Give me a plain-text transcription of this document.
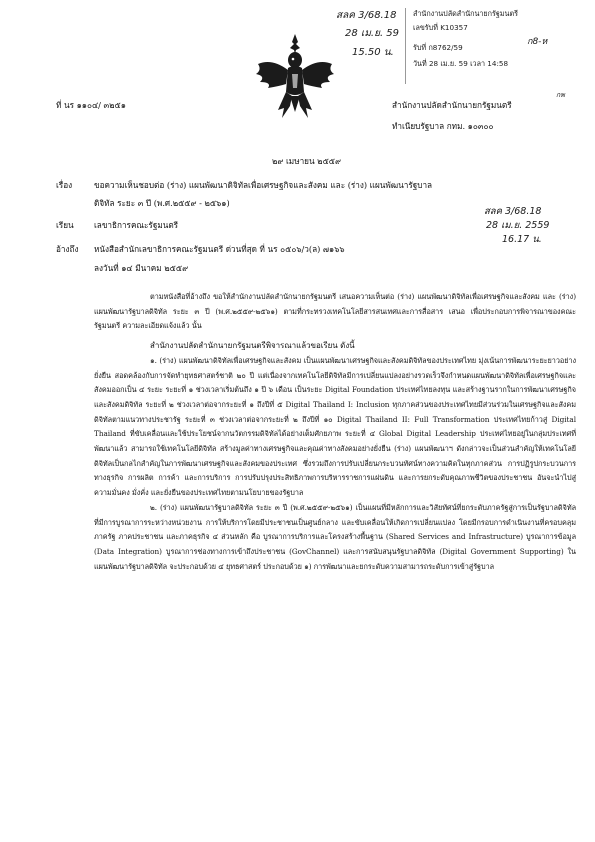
สำนักงานปลัดสำนักนายกรัฐมนตรี
เลขรับที่ K10357
รับที่ ก8762/59
วันที่ 28 เม.ย. 59 เวลา 14:58
สลค 3/68.18
28 เม.ย. 59
15.50 น.
ก8-ห
กพ
ที่ นร ๑๑๐๔/ ๓๒๕๑	สำนักงานปลัดสำนักนายกรัฐมนตรี
ทำเนียบรัฐบาล กทม. ๑๐๓๐๐
๒๙ เมษายน ๒๕๕๙
เรื่อง	ขอความเห็นชอบต่อ (ร่าง) แผนพัฒนาดิจิทัลเพื่อเศรษฐกิจและสังคม และ (ร่าง) แผนพัฒนารัฐบาล
ดิจิทัล ระยะ ๓ ปี (พ.ศ.๒๕๕๙ - ๒๕๖๑)
เรียน เลขาธิการคณะรัฐมนตรี
อ้างถึง หนังสือสำนักเลขาธิการคณะรัฐมนตรี ด่วนที่สุด ที่ นร ๐๕๐๖/ว(ล) ๗๑๖๖
ลงวันที่ ๑๔ มีนาคม ๒๕๕๙
สลค 3/68.18
28 เม.ย. 2559
16.17 น.

ตามหนังสือที่อ้างถึง ขอให้สำนักงานปลัดสำนักนายกรัฐมนตรี เสนอความเห็นต่อ (ร่าง) แผนพัฒนาดิจิทัลเพื่อเศรษฐกิจและสังคม และ (ร่าง) แผนพัฒนารัฐบาลดิจิทัล ระยะ ๓ ปี (พ.ศ.๒๕๕๙-๒๕๖๑) ตามที่กระทรวงเทคโนโลยีสารสนเทศและการสื่อสาร เสนอ เพื่อประกอบการพิจารณาของคณะรัฐมนตรี ความละเอียดแจ้งแล้ว นั้น

สำนักงานปลัดสำนักนายกรัฐมนตรีพิจารณาแล้วขอเรียน ดังนี้

๑. (ร่าง) แผนพัฒนาดิจิทัลเพื่อเศรษฐกิจและสังคม เป็นแผนพัฒนาเศรษฐกิจและสังคมดิจิทัลของประเทศไทย มุ่งเน้นการพัฒนาระยะยาวอย่างยั่งยืน สอดคล้องกับการจัดทำยุทธศาสตร์ชาติ ๒๐ ปี แต่เนื่องจากเทคโนโลยีดิจิทัลมีการเปลี่ยนแปลงอย่างรวดเร็วจึงกำหนดแผนพัฒนาดิจิทัลเพื่อเศรษฐกิจและสังคมออกเป็น ๔ ระยะ ระยะที่ ๑ ช่วงเวลาเริ่มต้นถึง ๑ ปี ๖ เดือน เป็นระยะ Digital Foundation ประเทศไทยลงทุน และสร้างฐานรากในการพัฒนาเศรษฐกิจและสังคมดิจิทัล ระยะที่ ๒ ช่วงเวลาต่อจากระยะที่ ๑ ถึงปีที่ ๕ Digital Thailand I: Inclusion ทุกภาคส่วนของประเทศไทยมีส่วนร่วมในเศรษฐกิจและสังคมดิจิทัลตามแนวทางประชารัฐ ระยะที่ ๓ ช่วงเวลาต่อจากระยะที่ ๒ ถึงปีที่ ๑๐ Digital Thailand II: Full Transformation ประเทศไทยก้าวสู่ Digital Thailand ที่ขับเคลื่อนและใช้ประโยชน์จากนวัตกรรมดิจิทัลได้อย่างเต็มศักยภาพ ระยะที่ ๔ Global Digital Leadership ประเทศไทยอยู่ในกลุ่มประเทศที่พัฒนาแล้ว สามารถใช้เทคโนโลยีดิจิทัล สร้างมูลค่าทางเศรษฐกิจและคุณค่าทางสังคมอย่างยั่งยืน (ร่าง) แผนพัฒนาฯ ดังกล่าวจะเป็นส่วนสำคัญให้เทคโนโลยีดิจิทัลเป็นกลไกสำคัญในการพัฒนาเศรษฐกิจและสังคมของประเทศ ซึ่งรวมถึงการปรับเปลี่ยนกระบวนทัศน์ทางความคิดในทุกภาคส่วน การปฏิรูปกระบวนการทางธุรกิจ การผลิต การค้า และการบริการ การปรับปรุงประสิทธิภาพการบริหารราชการแผ่นดิน และการยกระดับคุณภาพชีวิตของประชาชน อันจะนำไปสู่ความมั่นคง มั่งคั่ง และยั่งยืนของประเทศไทยตามนโยบายของรัฐบาล

๒. (ร่าง) แผนพัฒนารัฐบาลดิจิทัล ระยะ ๓ ปี (พ.ศ.๒๕๕๙-๒๕๖๑) เป็นแผนที่มีหลักการและวิสัยทัศน์ที่ยกระดับภาครัฐสู่การเป็นรัฐบาลดิจิทัล ที่มีการบูรณาการระหว่างหน่วยงาน การให้บริการโดยมีประชาชนเป็นศูนย์กลาง และขับเคลื่อนให้เกิดการเปลี่ยนแปลง โดยมีกรอบการดำเนินงานที่ครอบคลุมภาครัฐ ภาคประชาชน และภาคธุรกิจ ๔ ส่วนหลัก คือ บูรณาการบริการและโครงสร้างพื้นฐาน (Shared Services and Infrastructure) บูรณาการข้อมูล (Data Integration) บูรณาการช่องทางการเข้าถึงประชาชน (GovChannel) และการสนับสนุนรัฐบาลดิจิทัล (Digital Government Supporting) ในแผนพัฒนารัฐบาลดิจิทัล จะประกอบด้วย ๔ ยุทธศาสตร์ ประกอบด้วย ๑) การพัฒนาและยกระดับความสามารถระดับการเข้าสู่รัฐบาล
